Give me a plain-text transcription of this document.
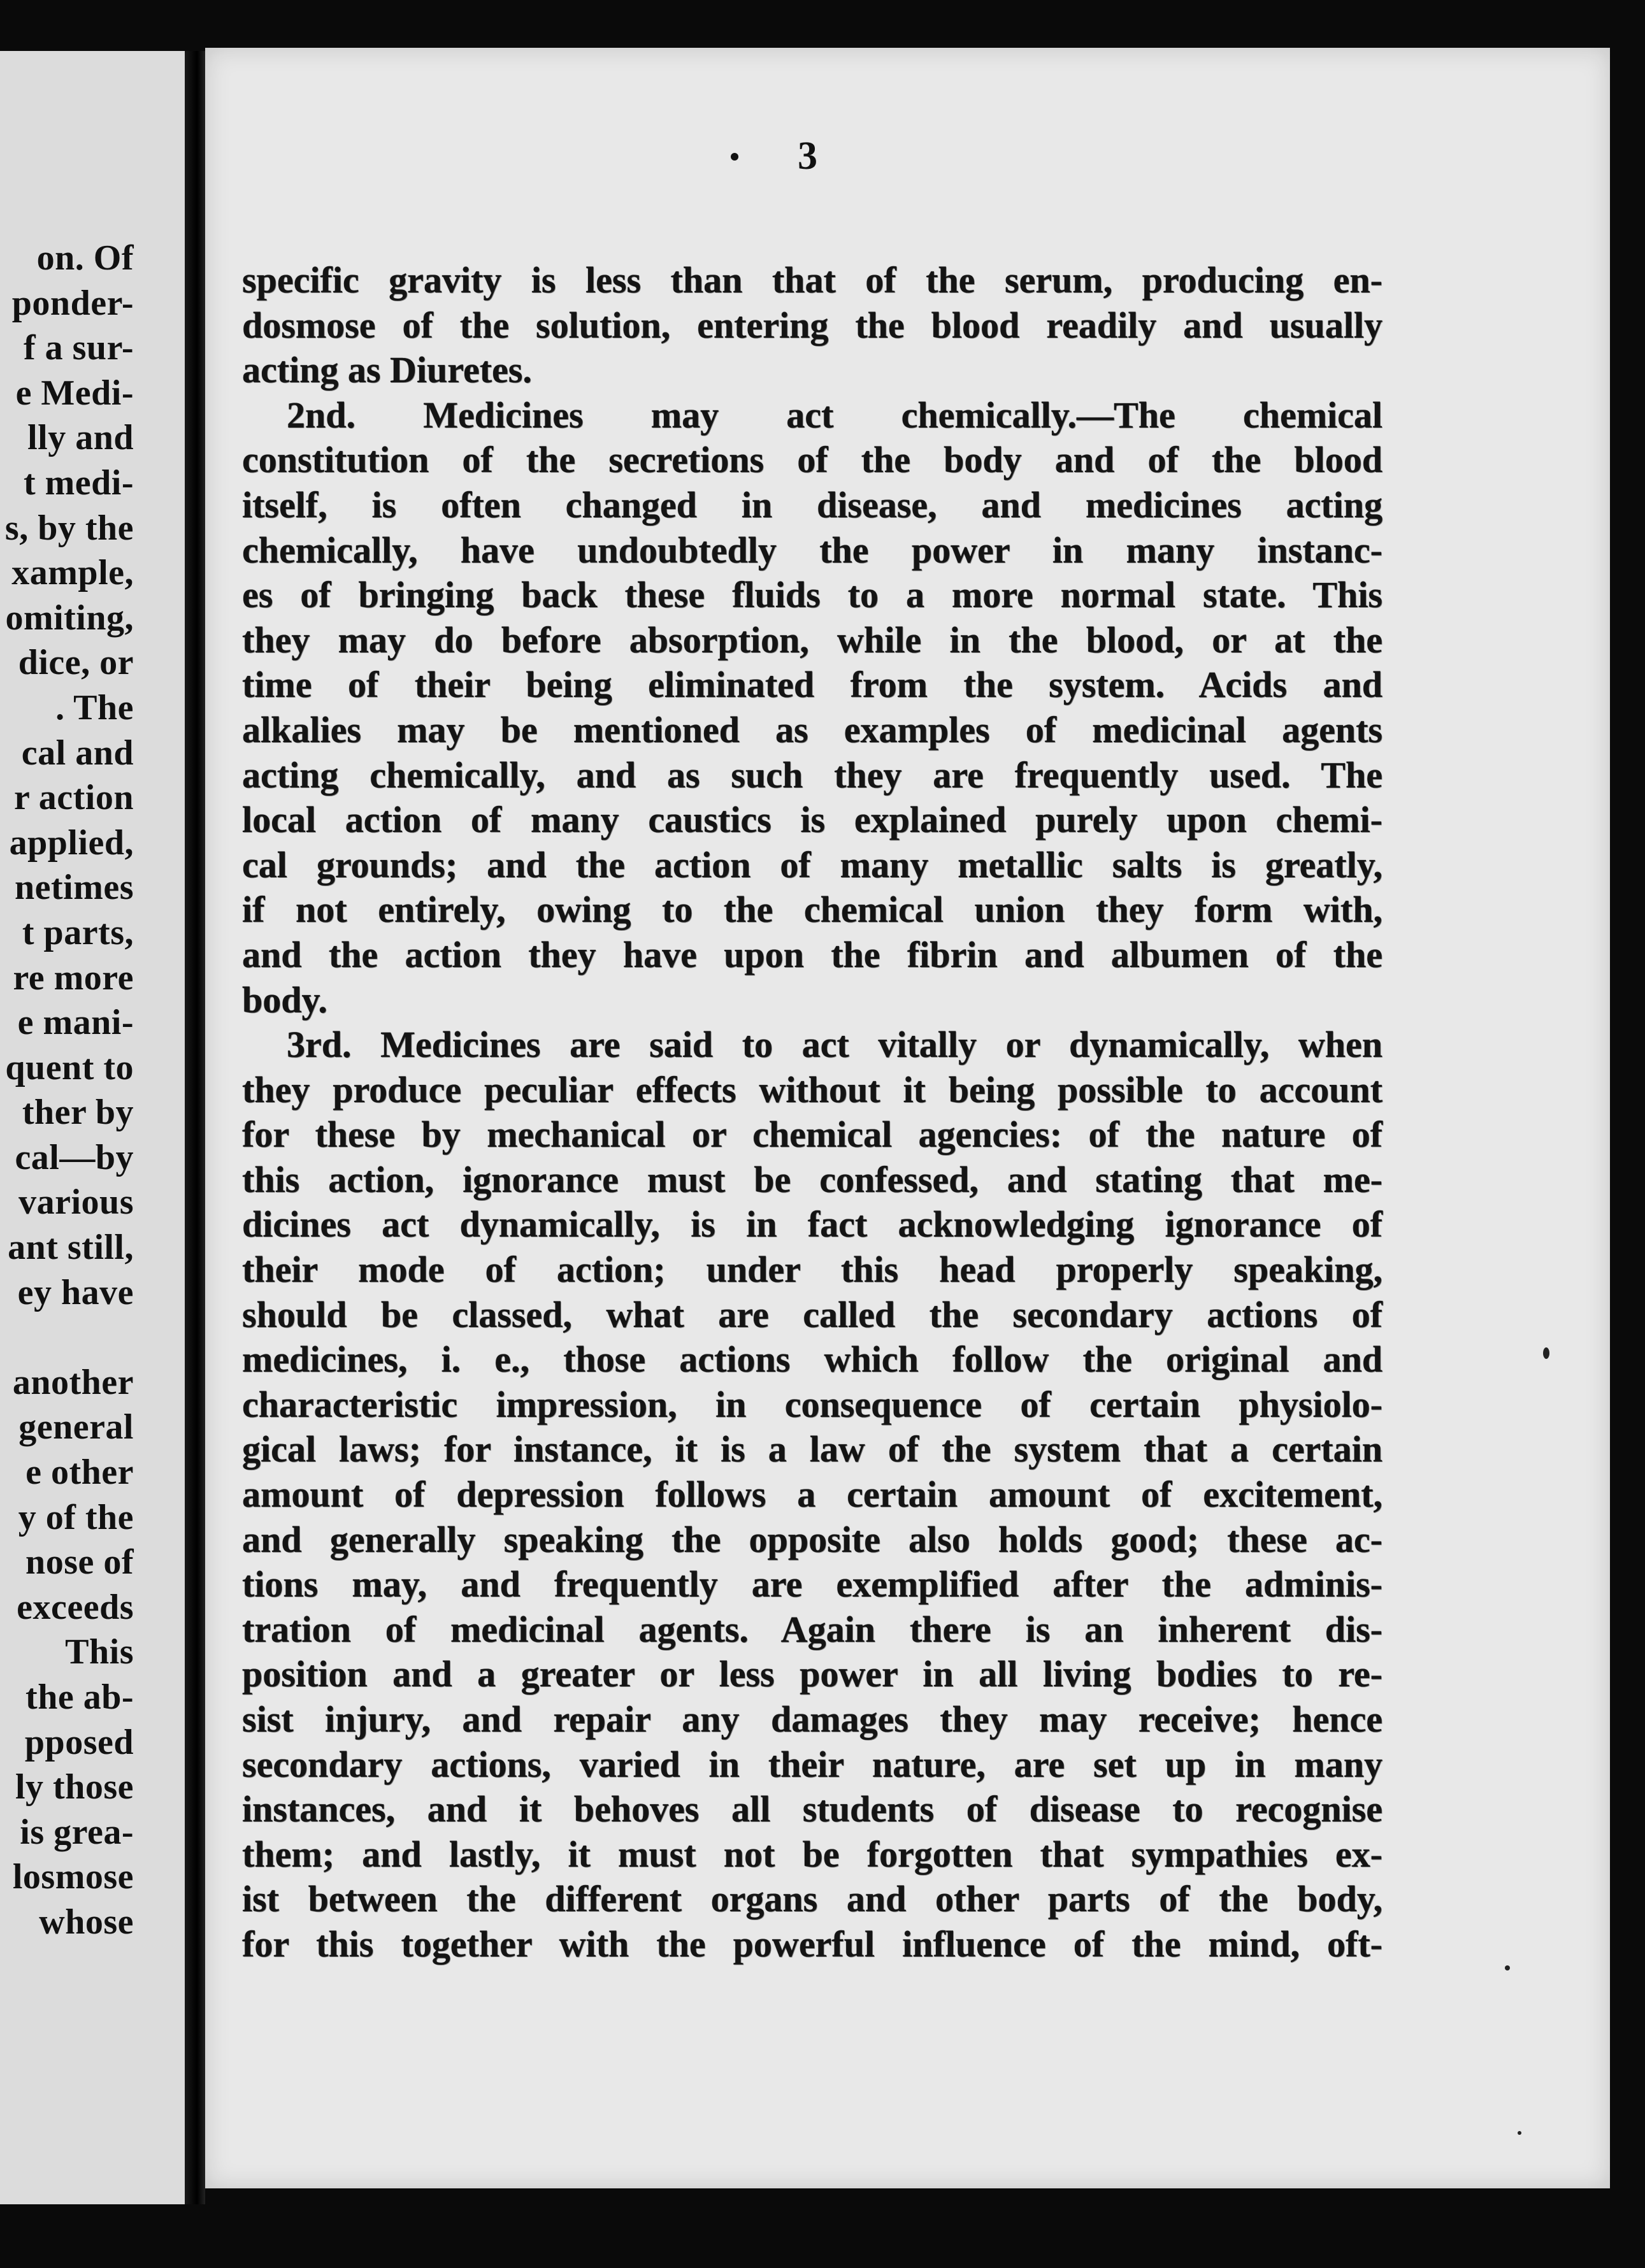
on. Of
ponder-
f a sur-
e Medi-
lly and
t medi-
s, by the
xample,
omiting,
dice, or
. The
cal and
r action
applied,
netimes
t parts,
re more
e mani-
quent to
ther by
cal—by
various
ant still,
ey have
another
general
e other
y of the
nose of
exceeds
This
the ab-
pposed
ly those
is grea-
losmose
whose
3
specific gravity is less than that of the serum, producing en-
dosmose of the solution, entering the blood readily and usually
acting as Diuretes.
2nd. Medicines may act chemically.—The chemical
constitution of the secretions of the body and of the blood
itself, is often changed in disease, and medicines acting
chemically, have undoubtedly the power in many instanc-
es of bringing back these fluids to a more normal state. This
they may do before absorption, while in the blood, or at the
time of their being eliminated from the system. Acids and
alkalies may be mentioned as examples of medicinal agents
acting chemically, and as such they are frequently used. The
local action of many caustics is explained purely upon chemi-
cal grounds; and the action of many metallic salts is greatly,
if not entirely, owing to the chemical union they form with,
and the action they have upon the fibrin and albumen of the
body.
3rd. Medicines are said to act vitally or dynamically, when
they produce peculiar effects without it being possible to account
for these by mechanical or chemical agencies: of the nature of
this action, ignorance must be confessed, and stating that me-
dicines act dynamically, is in fact acknowledging ignorance of
their mode of action; under this head properly speaking,
should be classed, what are called the secondary actions of
medicines, i. e., those actions which follow the original and
characteristic impression, in consequence of certain physiolo-
gical laws; for instance, it is a law of the system that a certain
amount of depression follows a certain amount of excitement,
and generally speaking the opposite also holds good; these ac-
tions may, and frequently are exemplified after the adminis-
tration of medicinal agents. Again there is an inherent dis-
position and a greater or less power in all living bodies to re-
sist injury, and repair any damages they may receive; hence
secondary actions, varied in their nature, are set up in many
instances, and it behoves all students of disease to recognise
them; and lastly, it must not be forgotten that sympathies ex-
ist between the different organs and other parts of the body,
for this together with the powerful influence of the mind, oft-
